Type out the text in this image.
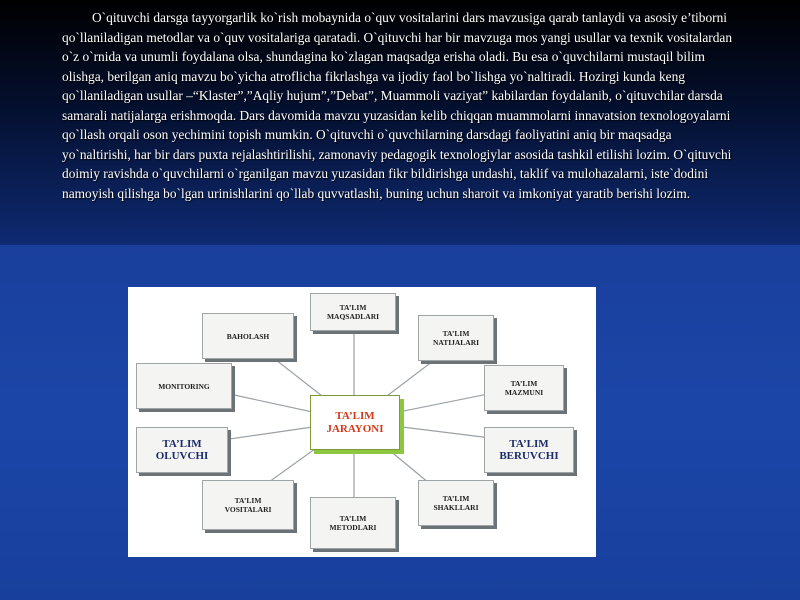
O`qituvchi darsga tayyorgarlik ko`rish mobaynida o`quv vositalarini dars mavzusiga qarab tanlaydi va asosiy e’tiborni qo`llaniladigan metodlar va o`quv vositalariga qaratadi. O`qituvchi har bir mavzuga mos yangi usullar va texnik vositalardan o`z o`rnida va unumli foydalana olsa, shundagina ko`zlagan maqsadga erisha oladi. Bu esa o`quvchilarni mustaqil bilim olishga, berilgan aniq mavzu bo`yicha atroflicha fikrlashga va ijodiy faol bo`lishga yo`naltiradi. Hozirgi kunda keng qo`llaniladigan usullar –“Klaster”,”Aqliy hujum”,”Debat”, Muammoli vaziyat” kabilardan foydalanib, o`qituvchilar darsda samarali natijalarga erishmoqda. Dars davomida mavzu yuzasidan kelib chiqqan muammolarni innavatsion texnologoyalarni qo`llash orqali oson yechimini topish mumkin. O`qituvchi o`quvchilarning darsdagi faoliyatini aniq bir maqsadga yo`naltirishi, har bir dars puxta rejalashtirilishi, zamonaviy pedagogik texnologiylar asosida tashkil etilishi lozim. O`qituvchi doimiy ravishda o`quvchilarni o`rganilgan mavzu yuzasidan fikr bildirishga undashi, taklif va mulohazalarni, iste`dodini namoyish qilishga bo`lgan urinishlarini qo`llab quvvatlashi, buning uchun sharoit va imkoniyat yaratib berishi lozim.

TA’LIM
MAQSADLARI
TA’LIM
NATIJALARI
TA’LIM
MAZMUNI
TA’LIM
BERUVCHI
TA’LIM
SHAKLLARI
TA’LIM
METODLARI
TA’LIM
VOSITALARI
TA’LIM
OLUVCHI
MONITORING
BAHOLASH
TA’LIM
JARAYONI
